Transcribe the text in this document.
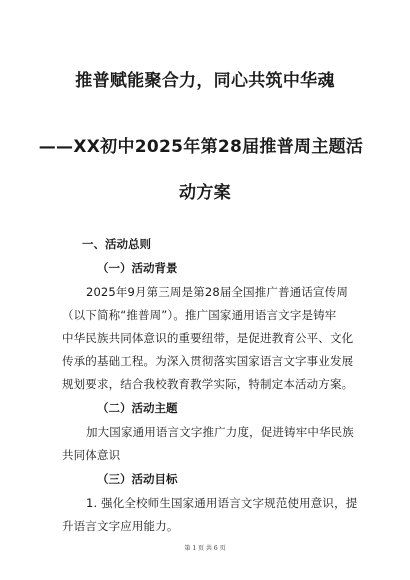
推普赋能聚合力，同心共筑中华魂
——XX初中2025年第28届推普周主题活
动方案
一、活动总则
（一）活动背景
2025年9月第三周是第28届全国推广普通话宣传周
（以下简称“推普周”）。推广国家通用语言文字是铸牢
中华民族共同体意识的重要纽带，是促进教育公平、文化
传承的基础工程。为深入贯彻落实国家语言文字事业发展
规划要求，结合我校教育教学实际，特制定本活动方案。
（二）活动主题
加大国家通用语言文字推广力度，促进铸牢中华民族
共同体意识
（三）活动目标
1. 强化全校师生国家通用语言文字规范使用意识，提
升语言文字应用能力。
第 1 页 共 6 页
